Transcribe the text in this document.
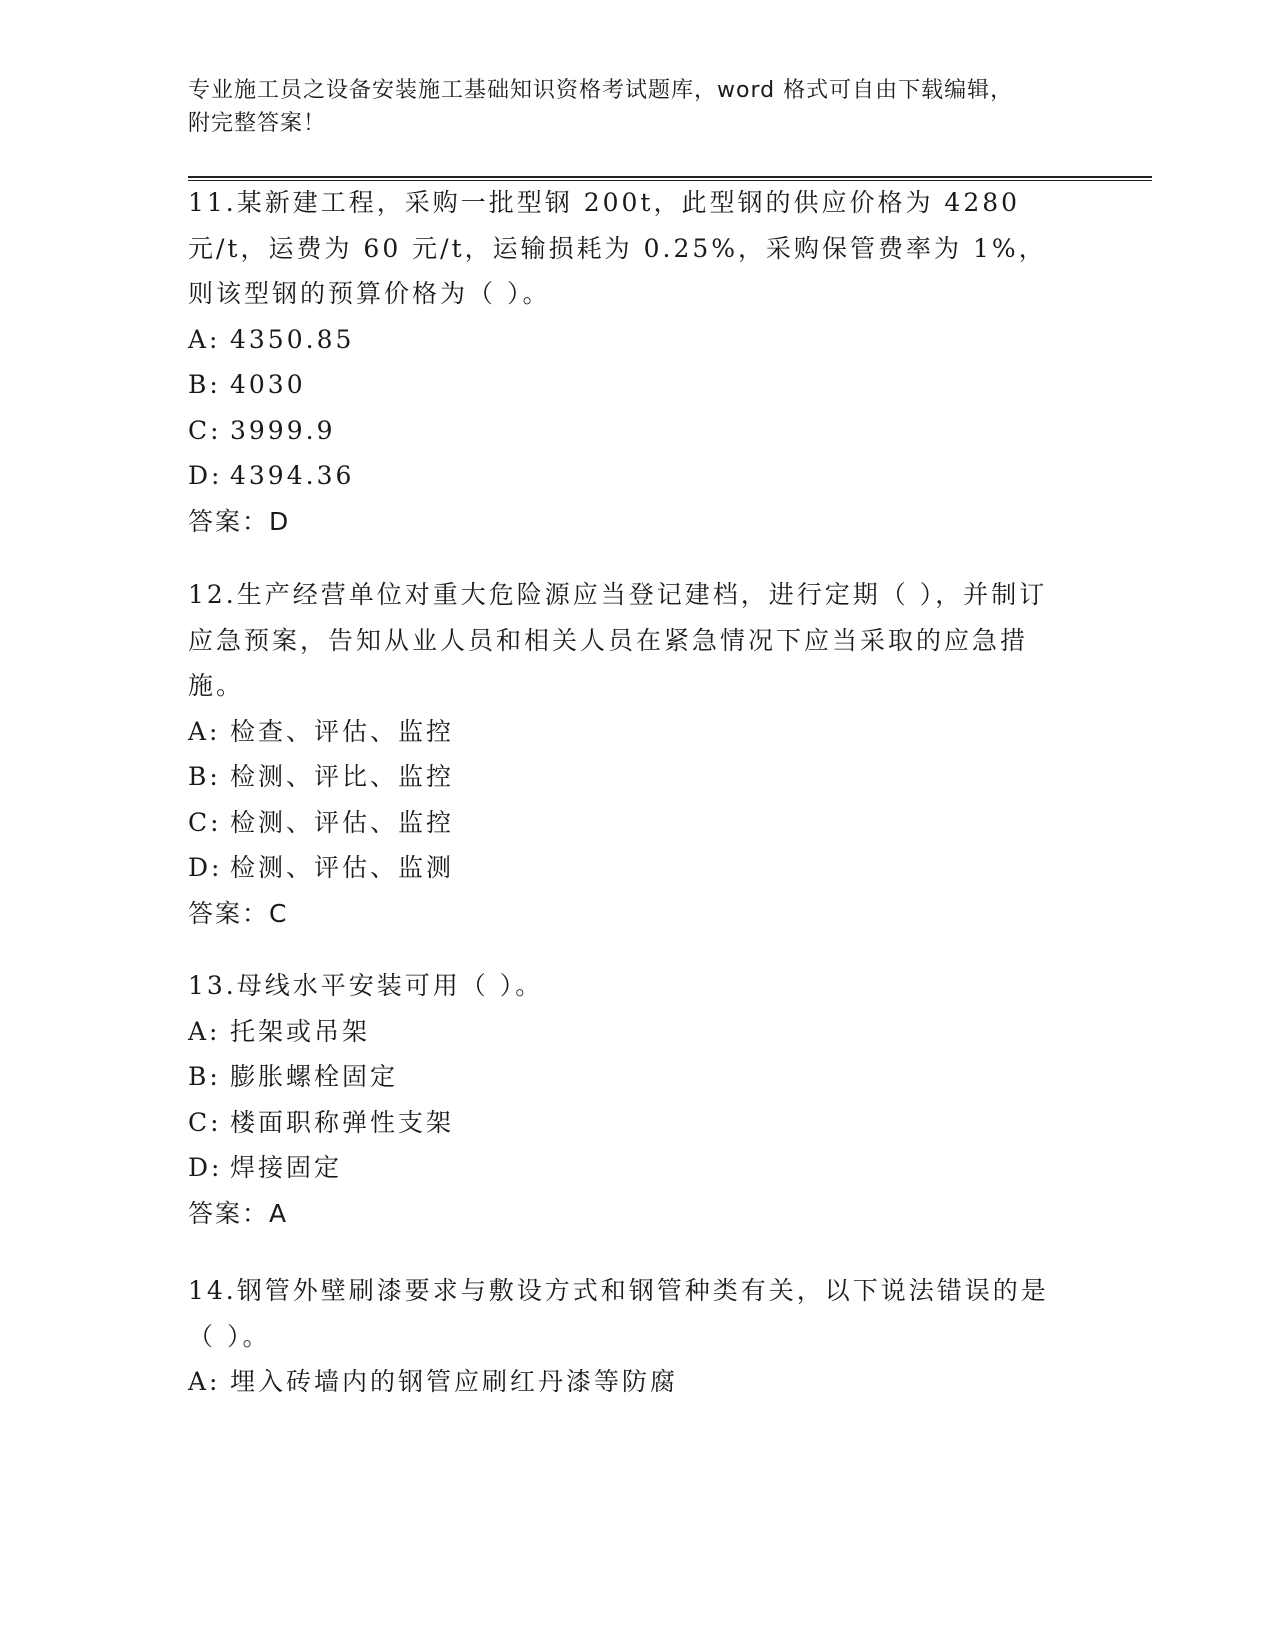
专业施工员之设备安装施工基础知识资格考试题库，word 格式可自由下载编辑，
附完整答案！

11.某新建工程，采购一批型钢 200t，此型钢的供应价格为 4280 元/t，运费为 60 元/t，运输损耗为 0.25%，采购保管费率为 1%，则该型钢的预算价格为（ ）。

A: 4350.85

B: 4030

C: 3999.9

D: 4394.36

答案：D

12.生产经营单位对重大危险源应当登记建档，进行定期（ ），并制订应急预案，告知从业人员和相关人员在紧急情况下应当采取的应急措施。

A: 检查、评估、监控

B: 检测、评比、监控

C: 检测、评估、监控

D: 检测、评估、监测

答案：C

13.母线水平安装可用（ ）。

A: 托架或吊架

B: 膨胀螺栓固定

C: 楼面职称弹性支架

D: 焊接固定

答案：A

14.钢管外壁刷漆要求与敷设方式和钢管种类有关，以下说法错误的是（ ）。

A: 埋入砖墙内的钢管应刷红丹漆等防腐
